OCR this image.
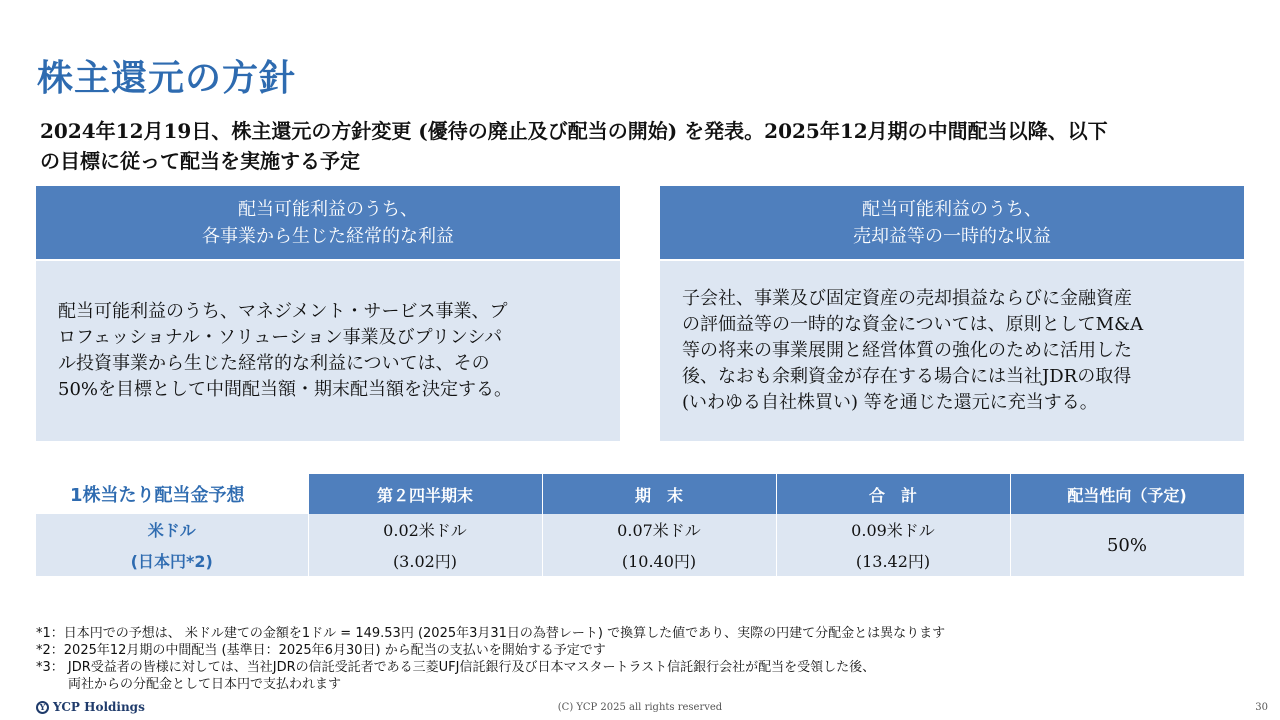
株主還元の方針
2024年12月19日、株主還元の方針変更 (優待の廃止及び配当の開始) を発表。2025年12月期の中間配当以降、以下
の目標に従って配当を実施する予定
配当可能利益のうち、
各事業から生じた経常的な利益
配当可能利益のうち、マネジメント・サービス事業、プ
ロフェッショナル・ソリューション事業及びプリンシパ
ル投資事業から生じた経常的な利益については、その
50%を目標として中間配当額・期末配当額を決定する。
配当可能利益のうち、
売却益等の一時的な収益
子会社、事業及び固定資産の売却損益ならびに金融資産
の評価益等の一時的な資金については、原則としてM&A
等の将来の事業展開と経営体質の強化のために活用した
後、なおも余剰資金が存在する場合には当社JDRの取得
(いわゆる自社株買い) 等を通じた還元に充当する。
1株当たり配当金予想	第２四半期末	期　末	合　計	配当性向（予定)
米ドル	0.02米ドル	0.07米ドル	0.09米ドル	50%
(日本円*2)	(3.02円)	(10.40円)	(13.42円)	
*1：日本円での予想は、 米ドル建ての金額を1ドル = 149.53円 (2025年3月31日の為替レート) で換算した値であり、実際の円建て分配金とは異なります
*2：2025年12月期の中間配当 (基準日：2025年6月30日) から配当の支払いを開始する予定です
*3： JDR受益者の皆様に対しては、当社JDRの信託受託者である三菱UFJ信託銀行及び日本マスタートラスト信託銀行会社が配当を受領した後、
両社からの分配金として日本円で支払われます
Y YCP Holdings	(C) YCP 2025 all rights reserved	30
